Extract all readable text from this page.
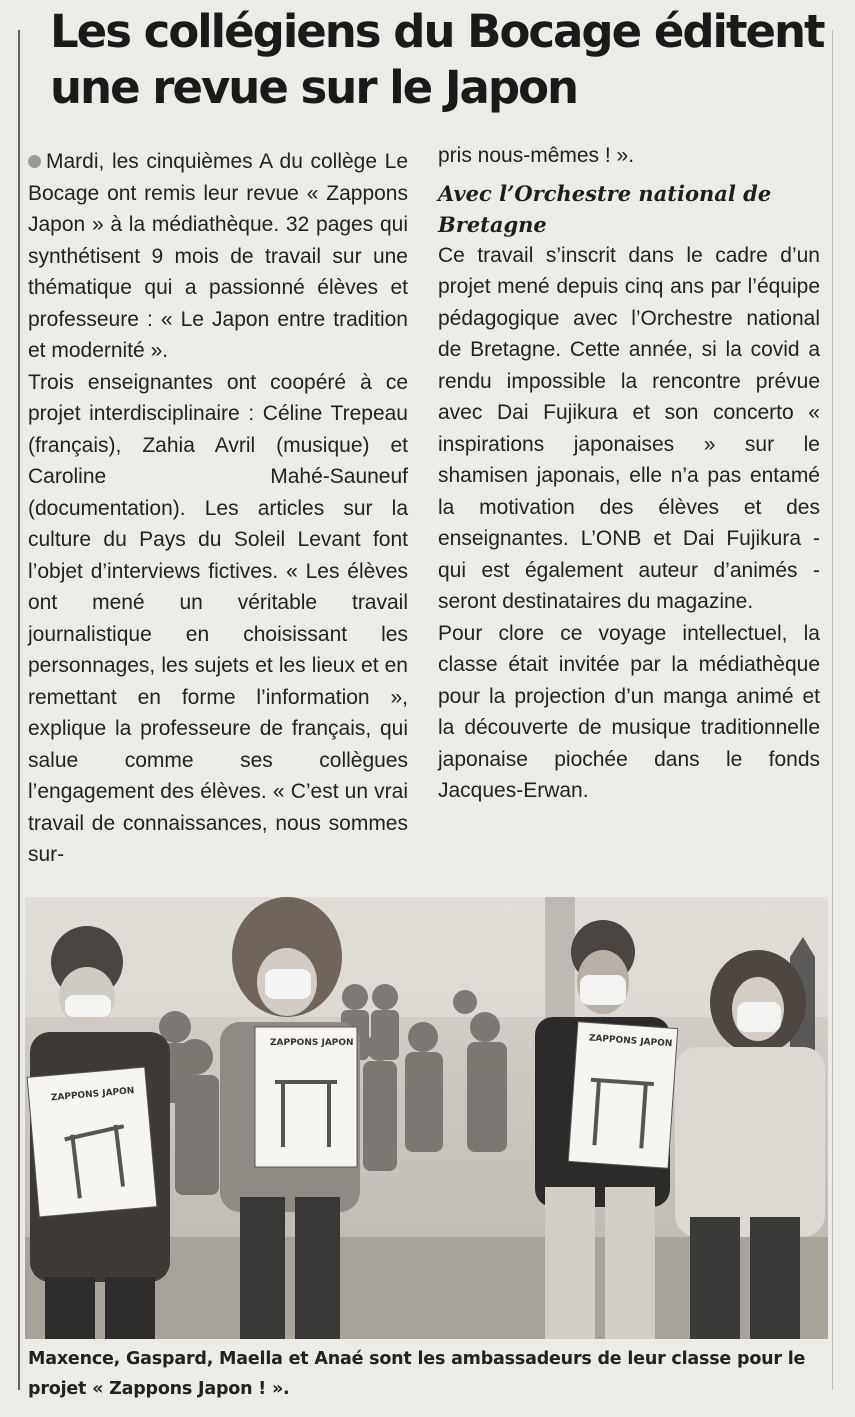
Les collégiens du Bocage éditent une revue sur le Japon

Mardi, les cinquièmes A du collège Le Bocage ont remis leur revue « Zappons Japon » à la médiathèque. 32 pages qui synthétisent 9 mois de travail sur une thématique qui a passionné élèves et professeure : « Le Japon entre tradition et modernité ».

Trois enseignantes ont coopéré à ce projet interdisciplinaire : Céline Trepeau (français), Zahia Avril (musique) et Caroline Mahé-Sauneuf (documentation). Les articles sur la culture du Pays du Soleil Levant font l’objet d’interviews fictives. « Les élèves ont mené un véritable travail journalistique en choisissant les personnages, les sujets et les lieux et en remettant en forme l’information », explique la professeure de français, qui salue comme ses collègues l’engagement des élèves. « C’est un vrai travail de connaissances, nous sommes sur-

pris nous-mêmes ! ».

Avec l’Orchestre national de Bretagne

Ce travail s’inscrit dans le cadre d’un projet mené depuis cinq ans par l’équipe pédagogique avec l’Orchestre national de Bretagne. Cette année, si la covid a rendu impossible la rencontre prévue avec Dai Fujikura et son concerto « inspirations japonaises » sur le shamisen japonais, elle n’a pas entamé la motivation des élèves et des enseignantes. L’ONB et Dai Fujikura - qui est également auteur d’animés - seront destinataires du magazine.

Pour clore ce voyage intellectuel, la classe était invitée par la médiathèque pour la projection d’un manga animé et la découverte de musique traditionnelle japonaise piochée dans le fonds Jacques-Erwan.

ZAPPONS JAPON
ZAPPONS JAPON	ZAPPONS JAPON

Maxence, Gaspard, Maella et Anaé sont les ambassadeurs de leur classe pour le projet « Zappons Japon ! ».
